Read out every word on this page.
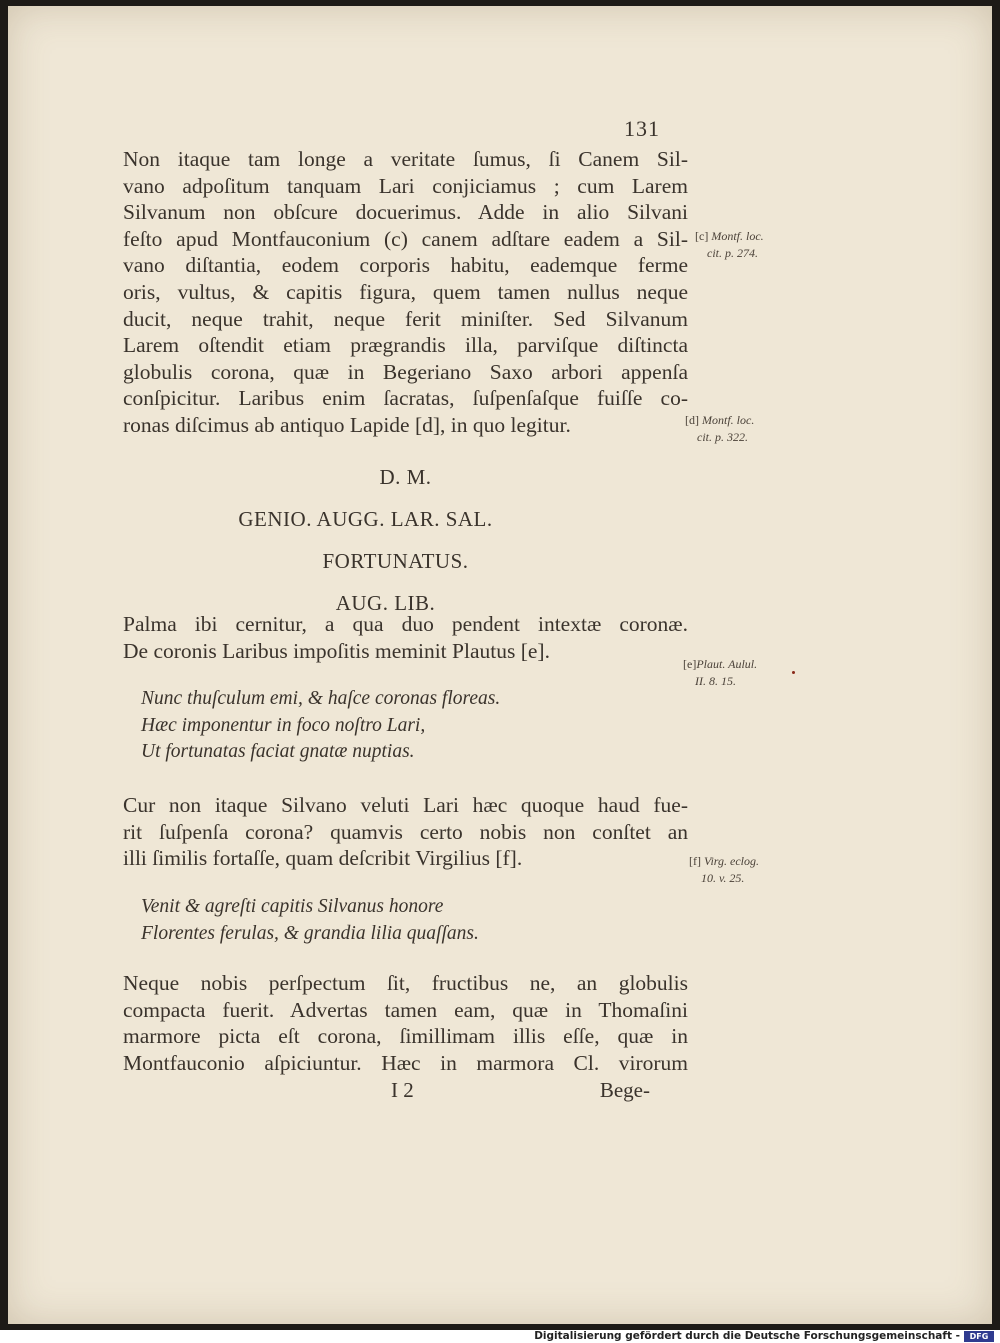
131
Non itaque tam longe a veritate ſumus, ſi Canem Sil-
vano adpoſitum tanquam Lari conjiciamus ; cum Larem
Silvanum non obſcure docuerimus. Adde in alio Silvani
feſto apud Montfauconium (c) canem adſtare eadem a Sil-
vano diſtantia, eodem corporis habitu, eademque ferme
oris, vultus, & capitis figura, quem tamen nullus neque
ducit, neque trahit, neque ferit miniſter. Sed Silvanum
Larem oſtendit etiam prægrandis illa, parviſque diſtincta
globulis corona, quæ in Begeriano Saxo arbori appenſa
conſpicitur. Laribus enim ſacratas, ſuſpenſaſque fuiſſe co-
ronas diſcimus ab antiquo Lapide [d], in quo legitur.
D. M.
GENIO. AUGG. LAR. SAL.
FORTUNATUS.
AUG. LIB.
Palma ibi cernitur, a qua duo pendent intextæ coronæ.
De coronis Laribus impoſitis meminit Plautus [e].
Nunc thuſculum emi, & haſce coronas floreas.
Hæc imponentur in foco noſtro Lari,
Ut fortunatas faciat gnatæ nuptias.
Cur non itaque Silvano veluti Lari hæc quoque haud fue-
rit ſuſpenſa corona? quamvis certo nobis non conſtet an
illi ſimilis fortaſſe, quam deſcribit Virgilius [f].
Venit & agreſti capitis Silvanus honore
Florentes ferulas, & grandia lilia quaſſans.
Neque nobis perſpectum ſit, fructibus ne, an globulis
compacta fuerit. Advertas tamen eam, quæ in Thomaſini
marmore picta eſt corona, ſimillimam illis eſſe, quæ in
Montfauconio aſpiciuntur. Hæc in marmora Cl. virorum
I 2	Bege-
[c] Montf. loc.
cit. p. 274.
[d] Montf. loc.
cit. p. 322.
[e]Plaut. Aulul.
II. 8. 15.
[f] Virg. eclog.
10. v. 25.
Digitalisierung gefördert durch die Deutsche Forschungsgemeinschaft -	DFG
